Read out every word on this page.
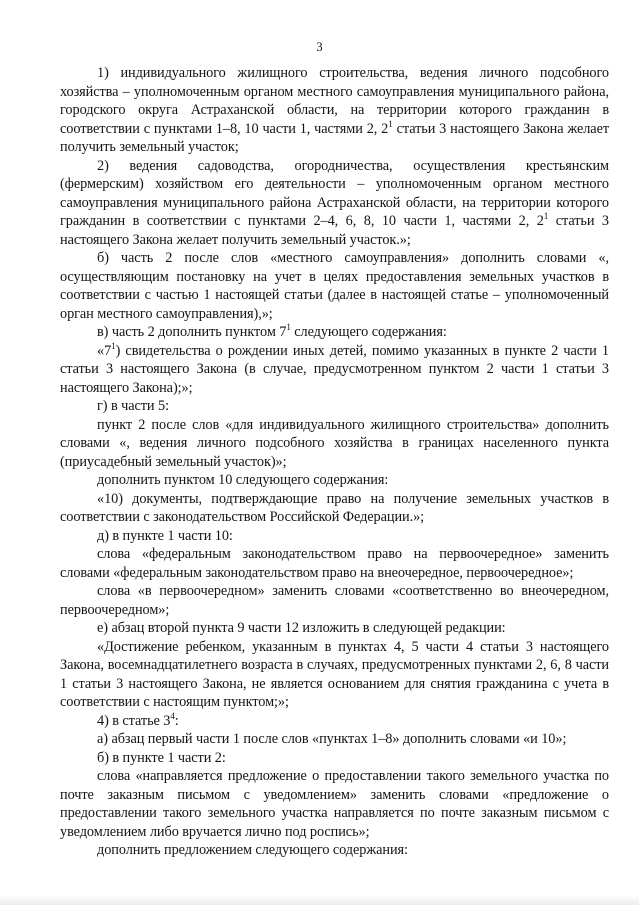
3

1) индивидуального жилищного строительства, ведения личного подсобного хозяйства – уполномоченным органом местного самоуправления муниципального района, городского округа Астраханской области, на территории которого гражданин в соответствии с пунктами 1–8, 10 части 1, частями 2, $2^1$ статьи 3 настоящего Закона желает получить земельный участок;

2) ведения садоводства, огородничества, осуществления крестьянским (фермерским) хозяйством его деятельности – уполномоченным органом местного самоуправления муниципального района Астраханской области, на территории которого гражданин в соответствии с пунктами 2–4, 6, 8, 10 части 1, частями 2, $2^1$ статьи 3 настоящего Закона желает получить земельный участок.»;

б) часть 2 после слов «местного самоуправления» дополнить словами «, осуществляющим постановку на учет в целях предоставления земельных участков в соответствии с частью 1 настоящей статьи (далее в настоящей статье – уполномоченный орган местного самоуправления),»;

в) часть 2 дополнить пунктом $7^1$ следующего содержания:

«$7^1$) свидетельства о рождении иных детей, помимо указанных в пункте 2 части 1 статьи 3 настоящего Закона (в случае, предусмотренном пунктом 2 части 1 статьи 3 настоящего Закона);»;

г) в части 5:

пункт 2 после слов «для индивидуального жилищного строительства» дополнить словами «, ведения личного подсобного хозяйства в границах населенного пункта (приусадебный земельный участок)»;

дополнить пунктом 10 следующего содержания:

«10) документы, подтверждающие право на получение земельных участков в соответствии с законодательством Российской Федерации.»;

д) в пункте 1 части 10:

слова «федеральным законодательством право на первоочередное» заменить словами «федеральным законодательством право на внеочередное, первоочередное»;

слова «в первоочередном» заменить словами «соответственно во внеочередном, первоочередном»;

е) абзац второй пункта 9 части 12 изложить в следующей редакции:

«Достижение ребенком, указанным в пунктах 4, 5 части 4 статьи 3 настоящего Закона, восемнадцатилетнего возраста в случаях, предусмотренных пунктами 2, 6, 8 части 1 статьи 3 настоящего Закона, не является основанием для снятия гражданина с учета в соответствии с настоящим пунктом;»;

4) в статье $3^4$:

а) абзац первый части 1 после слов «пунктах 1–8» дополнить словами «и 10»;

б) в пункте 1 части 2:

слова «направляется предложение о предоставлении такого земельного участка по почте заказным письмом с уведомлением» заменить словами «предложение о предоставлении такого земельного участка направляется по почте заказным письмом с уведомлением либо вручается лично под роспись»;

дополнить предложением следующего содержания:
